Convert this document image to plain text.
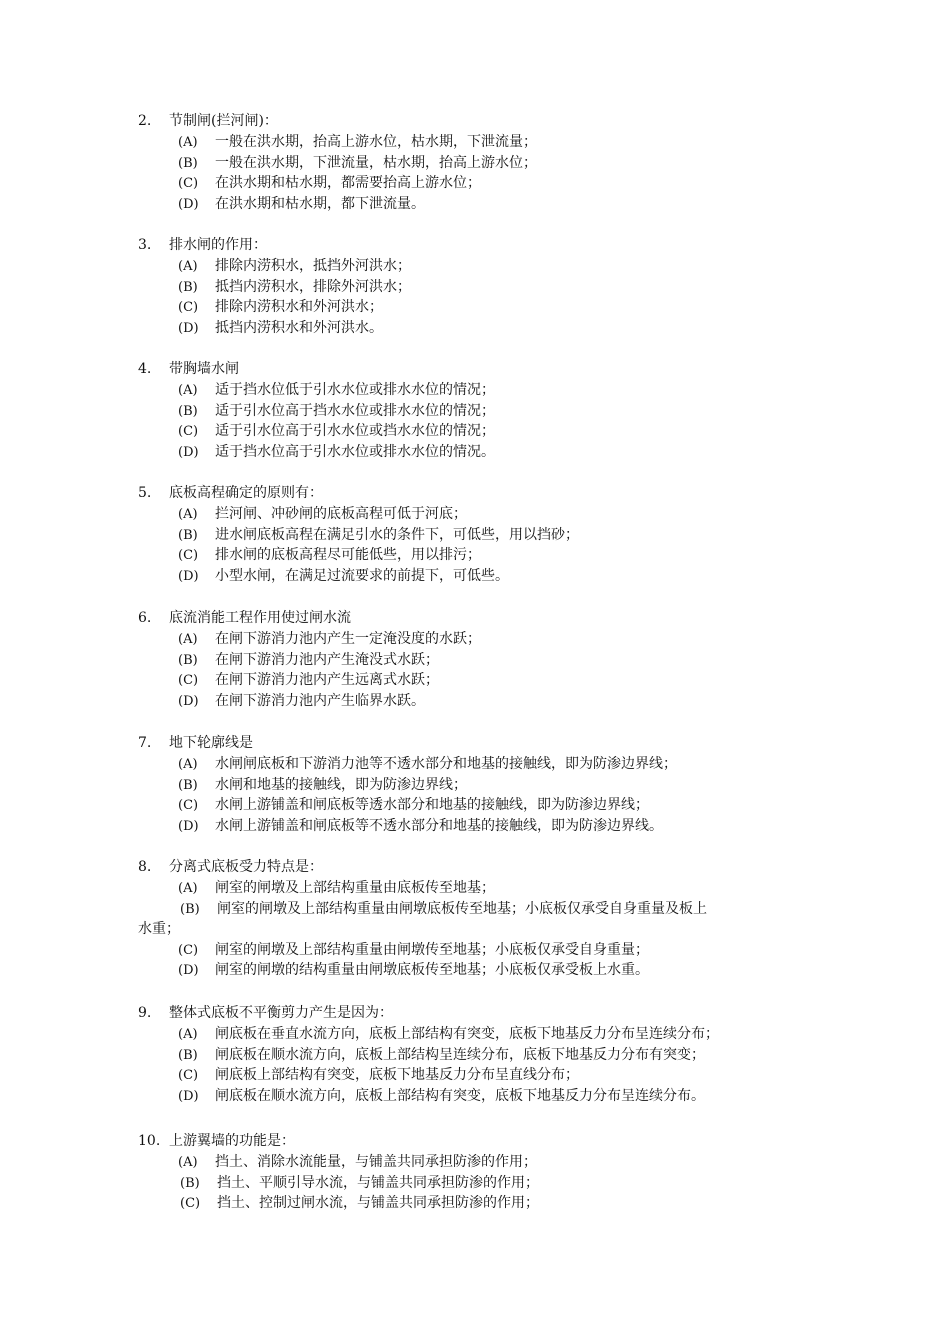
2. 节制闸(拦河闸)：
(A) 一般在洪水期，抬高上游水位，枯水期，下泄流量；
(B) 一般在洪水期，下泄流量，枯水期，抬高上游水位；
(C) 在洪水期和枯水期，都需要抬高上游水位；
(D) 在洪水期和枯水期，都下泄流量。
3. 排水闸的作用：
(A) 排除内涝积水，抵挡外河洪水；
(B) 抵挡内涝积水，排除外河洪水；
(C) 排除内涝积水和外河洪水；
(D) 抵挡内涝积水和外河洪水。
4. 带胸墙水闸
(A) 适于挡水位低于引水水位或排水水位的情况；
(B) 适于引水位高于挡水水位或排水水位的情况；
(C) 适于引水位高于引水水位或挡水水位的情况；
(D) 适于挡水位高于引水水位或排水水位的情况。
5. 底板高程确定的原则有：
(A) 拦河闸、冲砂闸的底板高程可低于河底；
(B) 进水闸底板高程在满足引水的条件下，可低些，用以挡砂；
(C) 排水闸的底板高程尽可能低些，用以排污；
(D) 小型水闸，在满足过流要求的前提下，可低些。
6. 底流消能工程作用使过闸水流
(A) 在闸下游消力池内产生一定淹没度的水跃；
(B) 在闸下游消力池内产生淹没式水跃；
(C) 在闸下游消力池内产生远离式水跃；
(D) 在闸下游消力池内产生临界水跃。
7. 地下轮廓线是
(A) 水闸闸底板和下游消力池等不透水部分和地基的接触线，即为防渗边界线；
(B) 水闸和地基的接触线，即为防渗边界线；
(C) 水闸上游铺盖和闸底板等透水部分和地基的接触线，即为防渗边界线；
(D) 水闸上游铺盖和闸底板等不透水部分和地基的接触线，即为防渗边界线。
8. 分离式底板受力特点是：
(A) 闸室的闸墩及上部结构重量由底板传至地基；
(B) 闸室的闸墩及上部结构重量由闸墩底板传至地基；小底板仅承受自身重量及板上
水重；
(C) 闸室的闸墩及上部结构重量由闸墩传至地基；小底板仅承受自身重量；
(D) 闸室的闸墩的结构重量由闸墩底板传至地基；小底板仅承受板上水重。
9. 整体式底板不平衡剪力产生是因为：
(A) 闸底板在垂直水流方向，底板上部结构有突变，底板下地基反力分布呈连续分布；
(B) 闸底板在顺水流方向，底板上部结构呈连续分布，底板下地基反力分布有突变；
(C) 闸底板上部结构有突变，底板下地基反力分布呈直线分布；
(D) 闸底板在顺水流方向，底板上部结构有突变，底板下地基反力分布呈连续分布。
10. 上游翼墙的功能是：
(A) 挡土、消除水流能量，与铺盖共同承担防渗的作用；
(B) 挡土、平顺引导水流，与铺盖共同承担防渗的作用；
(C) 挡土、控制过闸水流，与铺盖共同承担防渗的作用；
